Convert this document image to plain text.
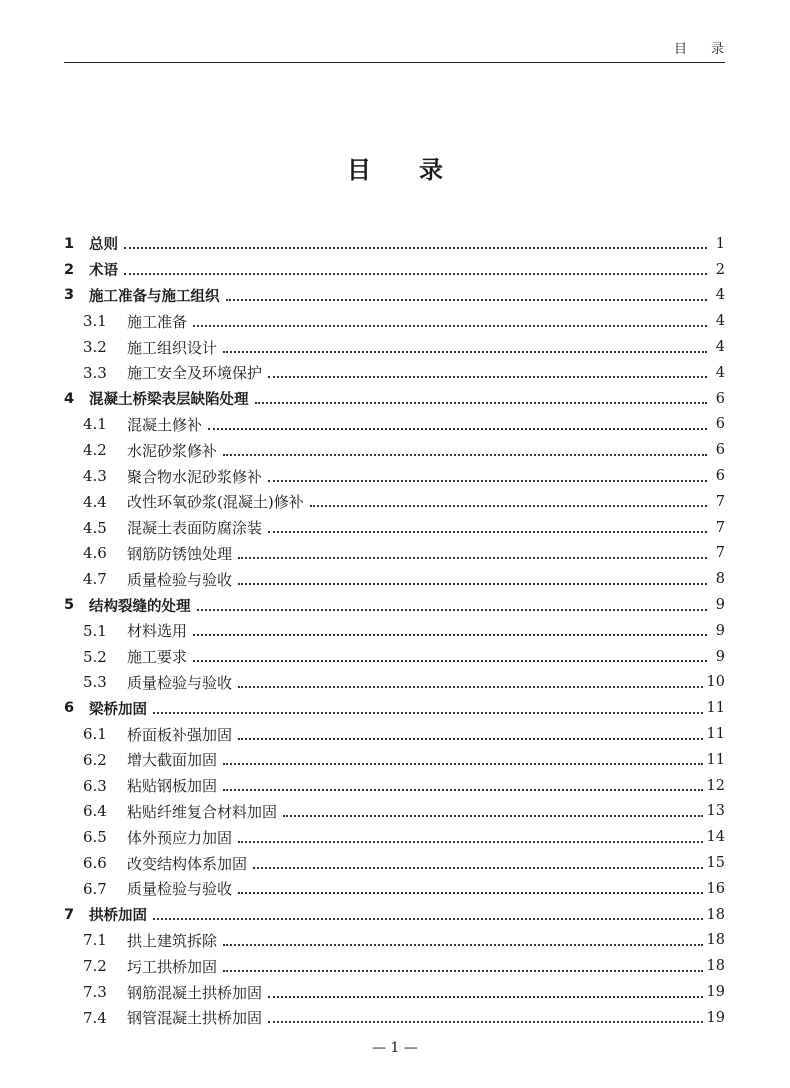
目 录
目 录
1	总则	1
2	术语	2
3	施工准备与施工组织	4
3.1	施工准备	4
3.2	施工组织设计	4
3.3	施工安全及环境保护	4
4	混凝土桥梁表层缺陷处理	6
4.1	混凝土修补	6
4.2	水泥砂浆修补	6
4.3	聚合物水泥砂浆修补	6
4.4	改性环氧砂浆(混凝土)修补	7
4.5	混凝土表面防腐涂装	7
4.6	钢筋防锈蚀处理	7
4.7	质量检验与验收	8
5	结构裂缝的处理	9
5.1	材料选用	9
5.2	施工要求	9
5.3	质量检验与验收	10
6	梁桥加固	11
6.1	桥面板补强加固	11
6.2	增大截面加固	11
6.3	粘贴钢板加固	12
6.4	粘贴纤维复合材料加固	13
6.5	体外预应力加固	14
6.6	改变结构体系加固	15
6.7	质量检验与验收	16
7	拱桥加固	18
7.1	拱上建筑拆除	18
7.2	圬工拱桥加固	18
7.3	钢筋混凝土拱桥加固	19
7.4	钢管混凝土拱桥加固	19
— 1 —
